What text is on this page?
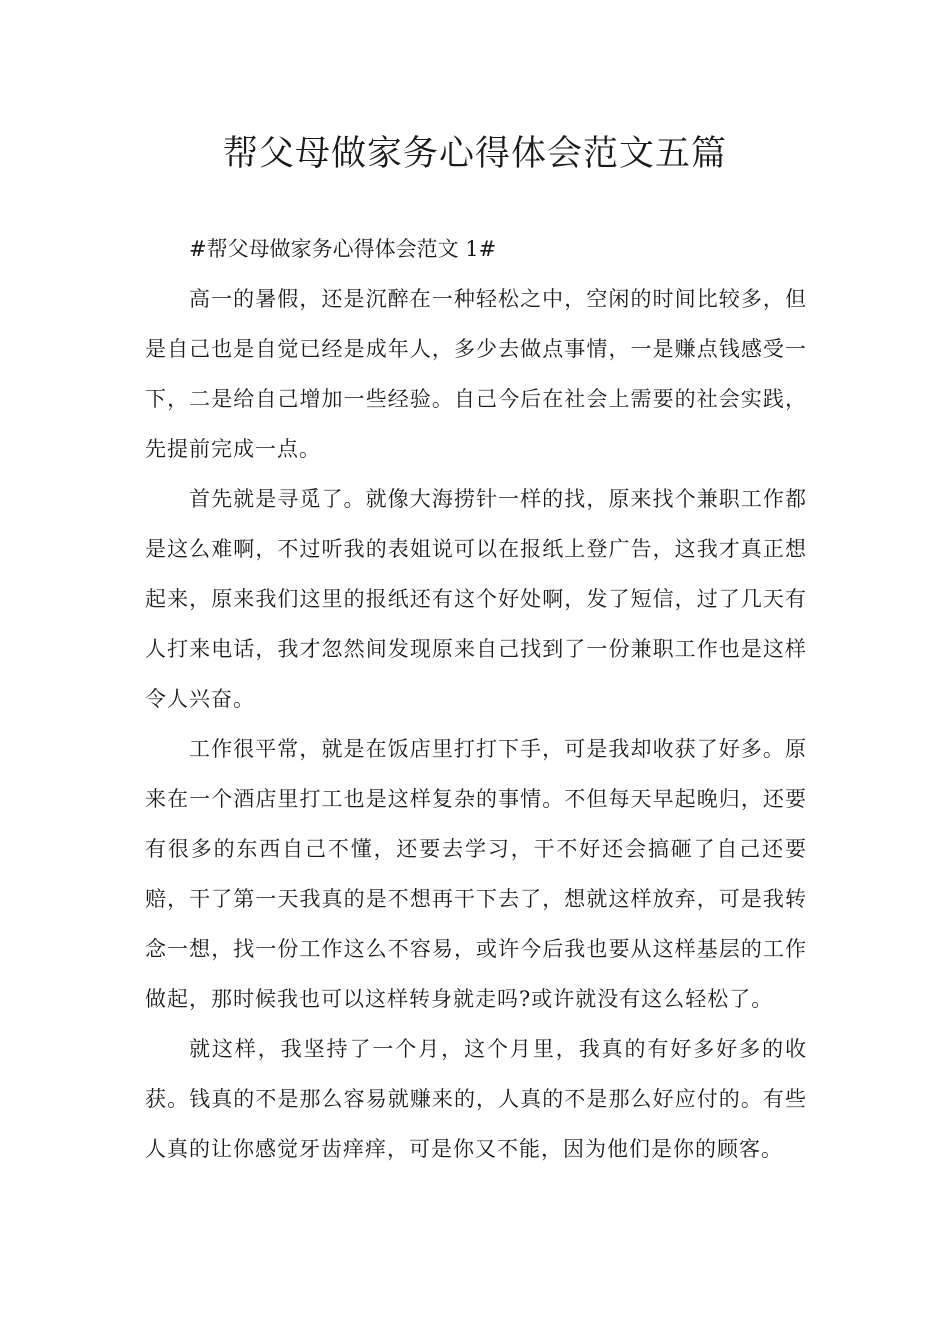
帮父母做家务心得体会范文五篇

#帮父母做家务心得体会范文 1#

高一的暑假，还是沉醉在一种轻松之中，空闲的时间比较多，但是自己也是自觉已经是成年人，多少去做点事情，一是赚点钱感受一下，二是给自己增加一些经验。自己今后在社会上需要的社会实践，先提前完成一点。

首先就是寻觅了。就像大海捞针一样的找，原来找个兼职工作都是这么难啊，不过听我的表姐说可以在报纸上登广告，这我才真正想起来，原来我们这里的报纸还有这个好处啊，发了短信，过了几天有人打来电话，我才忽然间发现原来自己找到了一份兼职工作也是这样令人兴奋。

工作很平常，就是在饭店里打打下手，可是我却收获了好多。原来在一个酒店里打工也是这样复杂的事情。不但每天早起晚归，还要有很多的东西自己不懂，还要去学习，干不好还会搞砸了自己还要赔，干了第一天我真的是不想再干下去了，想就这样放弃，可是我转念一想，找一份工作这么不容易，或许今后我也要从这样基层的工作做起，那时候我也可以这样转身就走吗?或许就没有这么轻松了。

就这样，我坚持了一个月，这个月里，我真的有好多好多的收获。钱真的不是那么容易就赚来的，人真的不是那么好应付的。有些人真的让你感觉牙齿痒痒，可是你又不能，因为他们是你的顾客。
